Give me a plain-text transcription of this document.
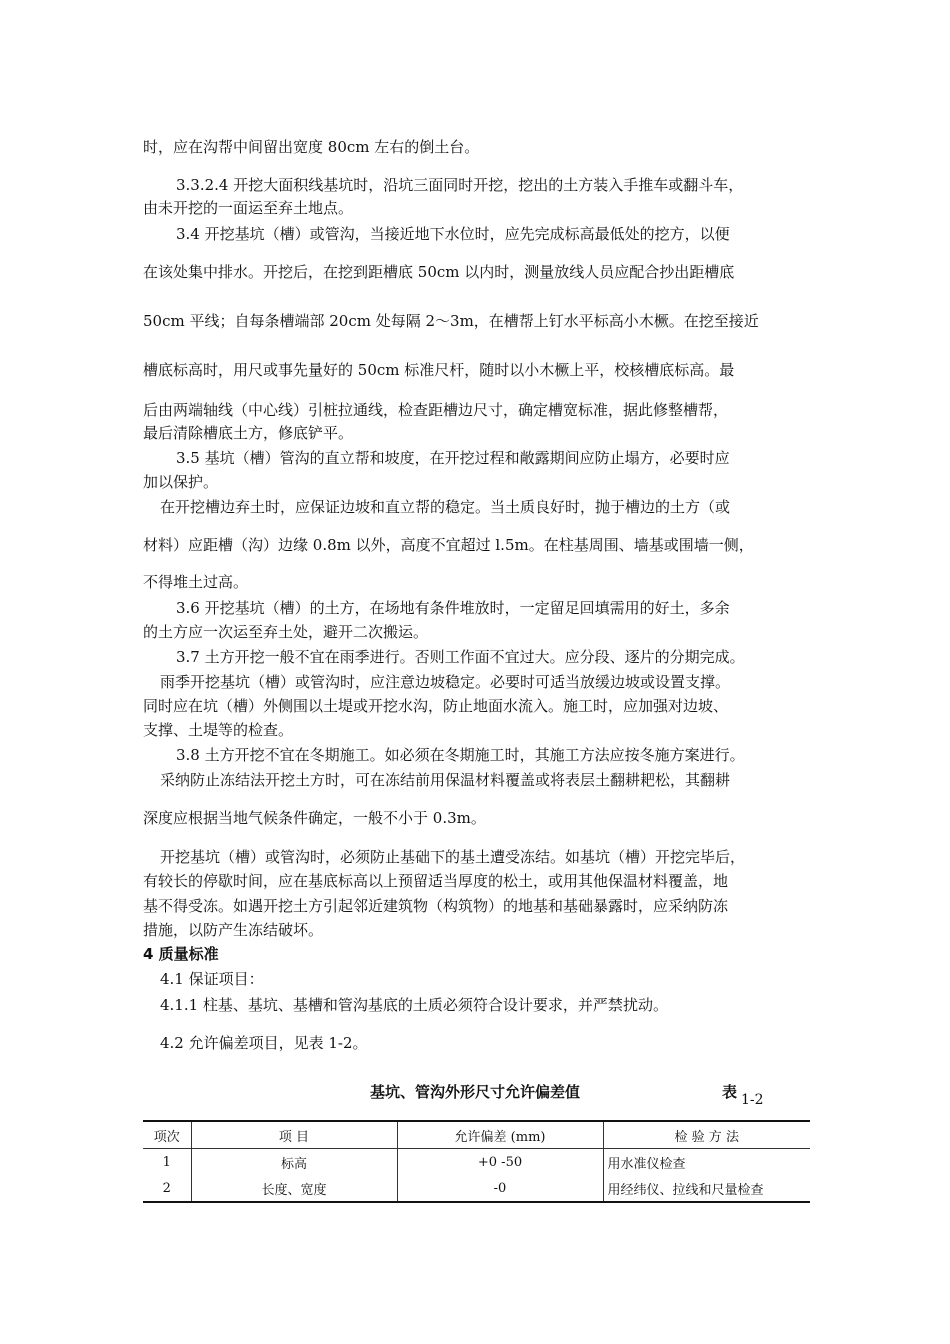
时，应在沟帮中间留出宽度 80cm 左右的倒土台。
3.3.2.4 开挖大面积线基坑时，沿坑三面同时开挖，挖出的土方装入手推车或翻斗车，
由未开挖的一面运至弃土地点。
3.4 开挖基坑（槽）或管沟，当接近地下水位时，应先完成标高最低处的挖方，以便
在该处集中排水。开挖后，在挖到距槽底 50cm 以内时，测量放线人员应配合抄出距槽底
50cm 平线；自每条槽端部 20cm 处每隔 2～3m，在槽帮上钉水平标高小木橛。在挖至接近
槽底标高时，用尺或事先量好的 50cm 标准尺杆，随时以小木橛上平，校核槽底标高。最
后由两端轴线（中心线）引桩拉通线，检查距槽边尺寸，确定槽宽标准，据此修整槽帮，
最后清除槽底土方，修底铲平。
3.5 基坑（槽）管沟的直立帮和坡度，在开挖过程和敞露期间应防止塌方，必要时应
加以保护。
在开挖槽边弃土时，应保证边坡和直立帮的稳定。当土质良好时，抛于槽边的土方（或
材料）应距槽（沟）边缘 0.8m 以外，高度不宜超过 l.5m。在柱基周围、墙基或围墙一侧，
不得堆土过高。
3.6 开挖基坑（槽）的土方，在场地有条件堆放时，一定留足回填需用的好土，多余
的土方应一次运至弃土处，避开二次搬运。
3.7 土方开挖一般不宜在雨季进行。否则工作面不宜过大。应分段、逐片的分期完成。
雨季开挖基坑（槽）或管沟时，应注意边坡稳定。必要时可适当放缓边坡或设置支撑。
同时应在坑（槽）外侧围以土堤或开挖水沟，防止地面水流入。施工时，应加强对边坡、
支撑、土堤等的检查。
3.8 土方开挖不宜在冬期施工。如必须在冬期施工时，其施工方法应按冬施方案进行。
采纳防止冻结法开挖土方时，可在冻结前用保温材料覆盖或将表层土翻耕耙松，其翻耕
深度应根据当地气候条件确定，一般不小于 0.3m。
开挖基坑（槽）或管沟时，必须防止基础下的基土遭受冻结。如基坑（槽）开挖完毕后，
有较长的停歇时间，应在基底标高以上预留适当厚度的松土，或用其他保温材料覆盖，地
基不得受冻。如遇开挖土方引起邻近建筑物（构筑物）的地基和基础暴露时，应采纳防冻
措施，以防产生冻结破坏。
4 质量标准
4.1 保证项目：
4.1.1 柱基、基坑、基槽和管沟基底的土质必须符合设计要求，并严禁扰动。
4.2 允许偏差项目，见表 1-2。
基坑、管沟外形尺寸允许偏差值	表 1-2
项次	项 目	允许偏差 (mm)	检 验 方 法
1	标高	+0 -50	用水准仪检查
2	长度、宽度	-0	用经纬仪、拉线和尺量检查
